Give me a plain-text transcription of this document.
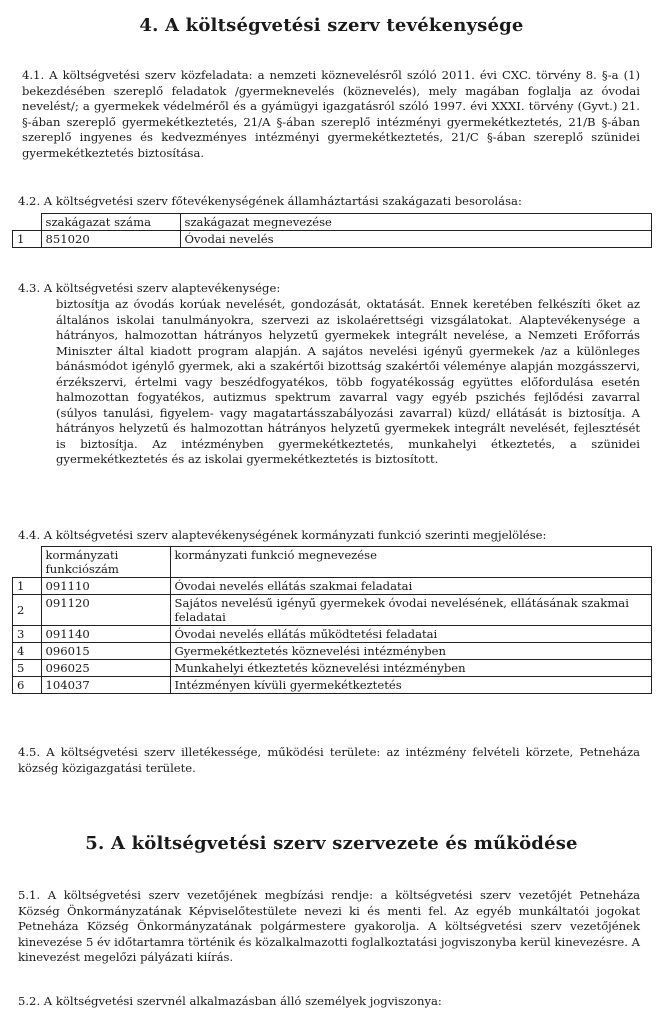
4. A költségvetési szerv tevékenysége

4.1. A költségvetési szerv közfeladata: a nemzeti köznevelésről szóló 2011. évi CXC. törvény 8. §-a (1) bekezdésében szereplő feladatok /gyermeknevelés (köznevelés), mely magában foglalja az óvodai nevelést/; a gyermekek védelméről és a gyámügyi igazgatásról szóló 1997. évi XXXI. törvény (Gyvt.) 21. §-ában szereplő gyermekétkeztetés, 21/A §-ában szereplő intézményi gyermekétkeztetés, 21/B §-ában szereplő ingyenes és kedvezményes intézményi gyermekétkeztetés, 21/C §-ában szereplő szünidei gyermekétkeztetés biztosítása.

4.2. A költségvetési szerv főtevékenységének államháztartási szakágazati besorolása:
	szakágazat száma	szakágazat megnevezése
1	851020	Óvodai nevelés
4.3. A költségvetési szerv alaptevékenysége:

biztosítja az óvodás korúak nevelését, gondozását, oktatását. Ennek keretében felkészíti őket az általános iskolai tanulmányokra, szervezi az iskolaérettségi vizsgálatokat. Alaptevékenysége a hátrányos, halmozottan hátrányos helyzetű gyermekek integrált nevelése, a Nemzeti Erőforrás Miniszter által kiadott program alapján. A sajátos nevelési igényű gyermekek /az a különleges bánásmódot igénylő gyermek, aki a szakértői bizottság szakértői véleménye alapján mozgásszervi, érzékszervi, értelmi vagy beszédfogyatékos, több fogyatékosság együttes előfordulása esetén halmozottan fogyatékos, autizmus spektrum zavarral vagy egyéb pszichés fejlődési zavarral (súlyos tanulási, figyelem- vagy magatartásszabályozási zavarral) küzd/ ellátását is biztosítja. A hátrányos helyzetű és halmozottan hátrányos helyzetű gyermekek integrált nevelését, fejlesztését is biztosítja. Az intézményben gyermekétkeztetés, munkahelyi étkeztetés, a szünidei gyermekétkeztetés és az iskolai gyermekétkeztetés is biztosított.

4.4. A költségvetési szerv alaptevékenységének kormányzati funkció szerinti megjelölése:
	kormányzati funkciószám	kormányzati funkció megnevezése
1	091110	Óvodai nevelés ellátás szakmai feladatai
2	091120	Sajátos nevelésű igényű gyermekek óvodai nevelésének, ellátásának szakmai feladatai
3	091140	Óvodai nevelés ellátás működtetési feladatai
4	096015	Gyermekétkeztetés köznevelési intézményben
5	096025	Munkahelyi étkeztetés köznevelési intézményben
6	104037	Intézményen kívüli gyermekétkeztetés

4.5. A költségvetési szerv illetékessége, működési területe: az intézmény felvételi körzete, Petneháza község közigazgatási területe.

5. A költségvetési szerv szervezete és működése

5.1. A költségvetési szerv vezetőjének megbízási rendje: a költségvetési szerv vezetőjét Petneháza Község Önkormányzatának Képviselőtestülete nevezi ki és menti fel. Az egyéb munkáltatói jogokat Petneháza Község Önkormányzatának polgármestere gyakorolja. A költségvetési szerv vezetőjének kinevezése 5 év időtartamra történik és közalkalmazotti foglalkoztatási jogviszonyba kerül kinevezésre. A kinevezést megelőzi pályázati kiírás.

5.2. A költségvetési szervnél alkalmazásban álló személyek jogviszonya:
